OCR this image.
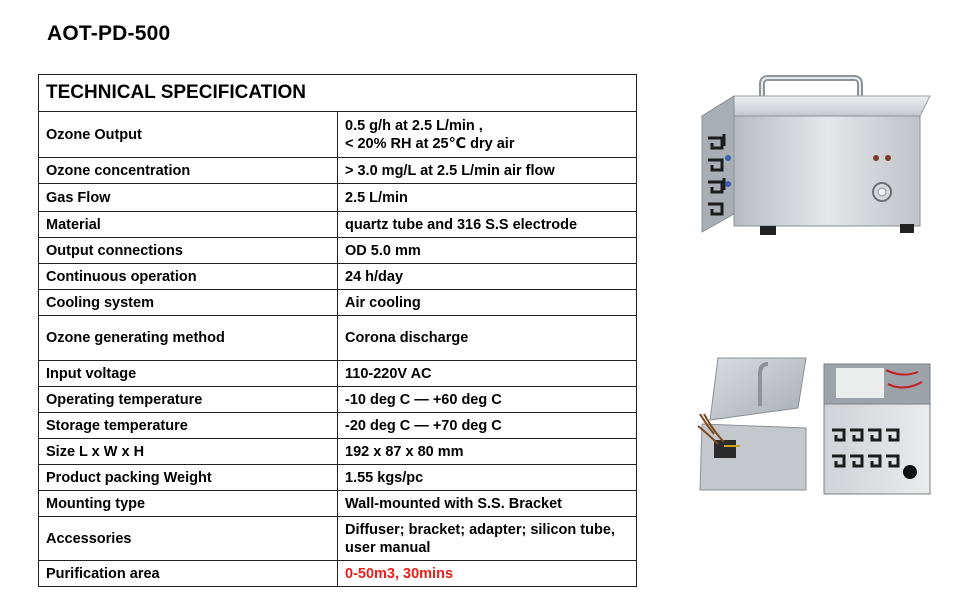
AOT-PD-500
TECHNICAL SPECIFICATION	
Ozone Output	0.5 g/h at 2.5 L/min ,
< 20% RH at 25℃ dry air

Ozone concentration	> 3.0 mg/L at 2.5 L/min air flow
Gas Flow	2.5 L/min
Material	quartz tube and 316 S.S electrode
Output connections	OD 5.0 mm
Continuous operation	24 h/day
Cooling system	Air cooling
Ozone generating method	Corona discharge
Input voltage	110-220V AC
Operating temperature	-10 deg C — +60 deg C
Storage temperature	-20 deg C — +70 deg C
Size L x W x H	192 x 87 x 80 mm
Product packing Weight	1.55 kgs/pc
Mounting type	Wall-mounted with S.S. Bracket
Accessories	Diffuser; bracket; adapter; silicon tube, user manual
Purification area	0-50m3, 30mins
